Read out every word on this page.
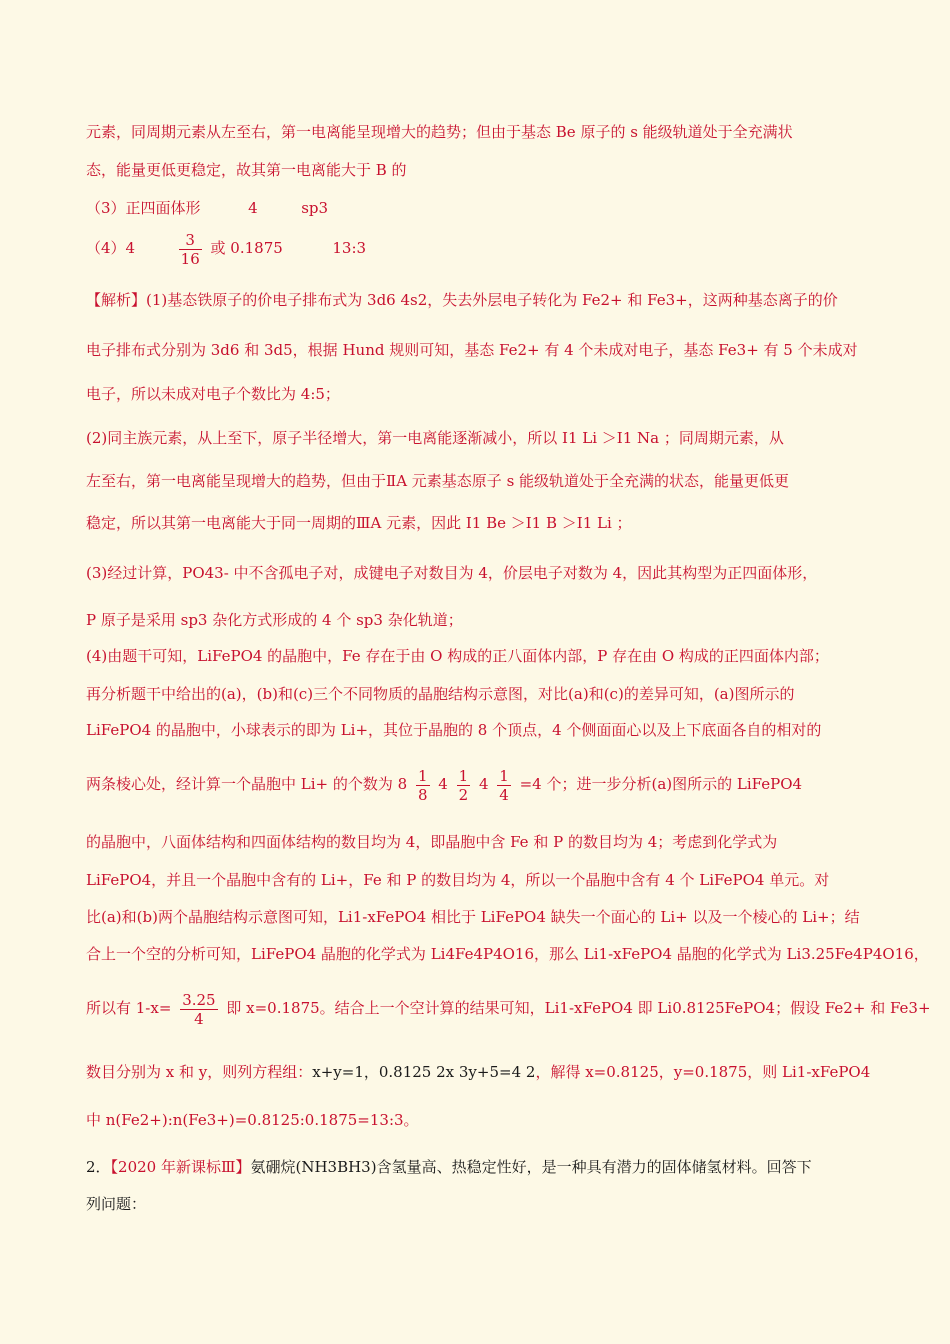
元素，同周期元素从左至右，第一电离能呈现增大的趋势；但由于基态 Be 原子的 s 能级轨道处于全充满状
态，能量更低更稳定，故其第一电离能大于 B 的
（3）正四面体形	4	sp3
（4）4	$\frac{3}{16}$ 或 0.1875	13:3
【解析】(1)基态铁原子的价电子排布式为 3d6 4s2，失去外层电子转化为 Fe2+ 和 Fe3+，这两种基态离子的价
电子排布式分别为 3d6 和 3d5，根据 Hund 规则可知，基态 Fe2+ 有 4 个未成对电子，基态 Fe3+ 有 5 个未成对
电子，所以未成对电子个数比为 4:5；
(2)同主族元素，从上至下，原子半径增大，第一电离能逐渐减小，所以 I1 Li ＞I1 Na ；同周期元素，从
左至右，第一电离能呈现增大的趋势，但由于ⅡA 元素基态原子 s 能级轨道处于全充满的状态，能量更低更
稳定，所以其第一电离能大于同一周期的ⅢA 元素，因此 I1 Be ＞I1 B ＞I1 Li ；
(3)经过计算，PO43- 中不含孤电子对，成键电子对数目为 4，价层电子对数为 4，因此其构型为正四面体形，
P 原子是采用 sp3 杂化方式形成的 4 个 sp3 杂化轨道；
(4)由题干可知，LiFePO4 的晶胞中，Fe 存在于由 O 构成的正八面体内部，P 存在由 O 构成的正四面体内部；
再分析题干中给出的(a)，(b)和(c)三个不同物质的晶胞结构示意图，对比(a)和(c)的差异可知，(a)图所示的
LiFePO4 的晶胞中，小球表示的即为 Li+，其位于晶胞的 8 个顶点，4 个侧面面心以及上下底面各自的相对的
两条棱心处，经计算一个晶胞中 Li+ 的个数为 $8 \frac{1}{8} 4 \frac{1}{2} 4 \frac{1}{4} =4$ 个；进一步分析(a)图所示的 LiFePO4
的晶胞中，八面体结构和四面体结构的数目均为 4，即晶胞中含 Fe 和 P 的数目均为 4；考虑到化学式为
LiFePO4，并且一个晶胞中含有的 Li+，Fe 和 P 的数目均为 4，所以一个晶胞中含有 4 个 LiFePO4 单元。对
比(a)和(b)两个晶胞结构示意图可知，Li1-xFePO4 相比于 LiFePO4 缺失一个面心的 Li+ 以及一个棱心的 Li+；结
合上一个空的分析可知，LiFePO4 晶胞的化学式为 Li4Fe4P4O16，那么 Li1-xFePO4 晶胞的化学式为 Li3.25Fe4P4O16，
所以有 $1-x= \frac{3.25}{4}$ 即 x=0.1875。结合上一个空计算的结果可知，Li1-xFePO4 即 Li0.8125FePO4；假设 Fe2+ 和 Fe3+
数目分别为 x 和 y，则列方程组：x+y=1，0.8125 2x 3y+5=4 2，解得 x=0.8125，y=0.1875，则 Li1-xFePO4
中 n(Fe2+):n(Fe3+)=0.8125:0.1875=13:3。
2．【2020 年新课标Ⅲ】氨硼烷(NH3BH3)含氢量高、热稳定性好，是一种具有潜力的固体储氢材料。回答下
列问题：
